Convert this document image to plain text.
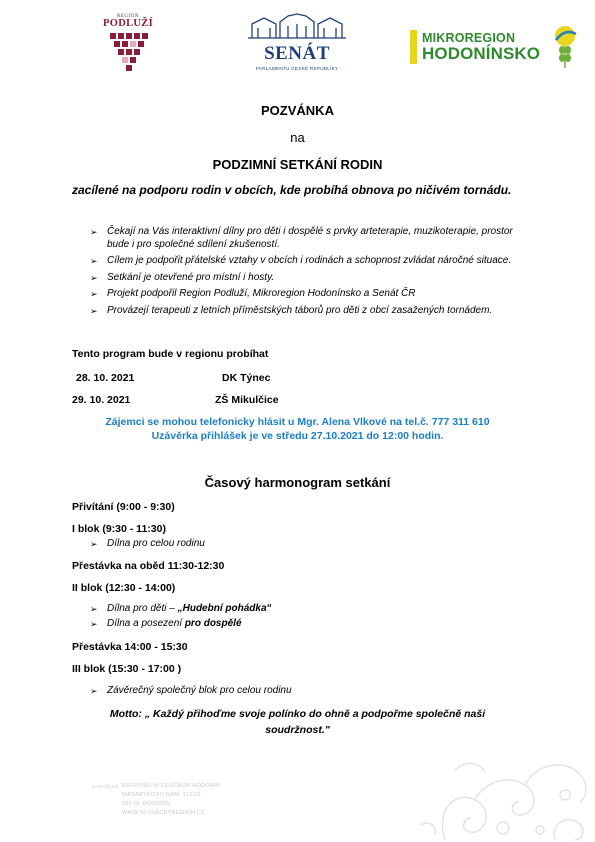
REGION
PODLUŽÍ
SENÁT
PARLAMENTU ČESKÉ REPUBLIKY
MIKROREGION
HODONÍNSKO
POZVÁNKA
na
PODZIMNÍ SETKÁNÍ RODIN
zacílené na podporu rodin v obcích, kde probíhá obnova po ničivém tornádu.
➢ Čekají na Vás interaktivní dílny pro děti i dospělé s prvky arteterapie, muzikoterapie, prostor bude i pro společné sdílení zkušeností.
➢ Cílem je podpořit přátelské vztahy v obcích i rodinách a schopnost zvládat náročné situace.
➢ Setkání je otevřené pro místní i hosty.
➢ Projekt podpořil Region Podluží, Mikroregion Hodonínsko a Senát ČR
➢ Provázejí terapeuti z letních příměstských táborů pro děti z obcí zasažených tornádem.
Tento program bude v regionu probíhat
28. 10. 2021	DK Týnec
29. 10. 2021	ZŠ Mikulčice
Zájemci se mohou telefonicky hlásit u Mgr. Alena Vlkové na tel.č. 777 311 610
Uzávěrka přihlášek je ve středu 27.10.2021 do 12:00 hodin.
Časový harmonogram setkání
Přivítání (9:00 - 9:30)
I blok (9:30 - 11:30)
➢ Dílna pro celou rodinu
Přestávka na oběd 11:30-12:30
II blok (12:30 - 14:00)
➢ Dílna pro děti – „Hudební pohádka“
➢ Dílna a posezení pro dospělé
Přestávka 14:00 - 15:30
III blok (15:30 - 17:00 )
➢ Závěrečný společný blok pro celou rodinu
Motto: „ Každý přihoďme svoje polínko do ohně a podpořme společně naši
soudržnost."
KANCELÁŘ REGIONÁLNÍ CENTRUM HODONÍN
MASARYKOVO NÁM. 113/22
695 01 HODONÍN
WWW.SLOVACKYREGION.CZ
